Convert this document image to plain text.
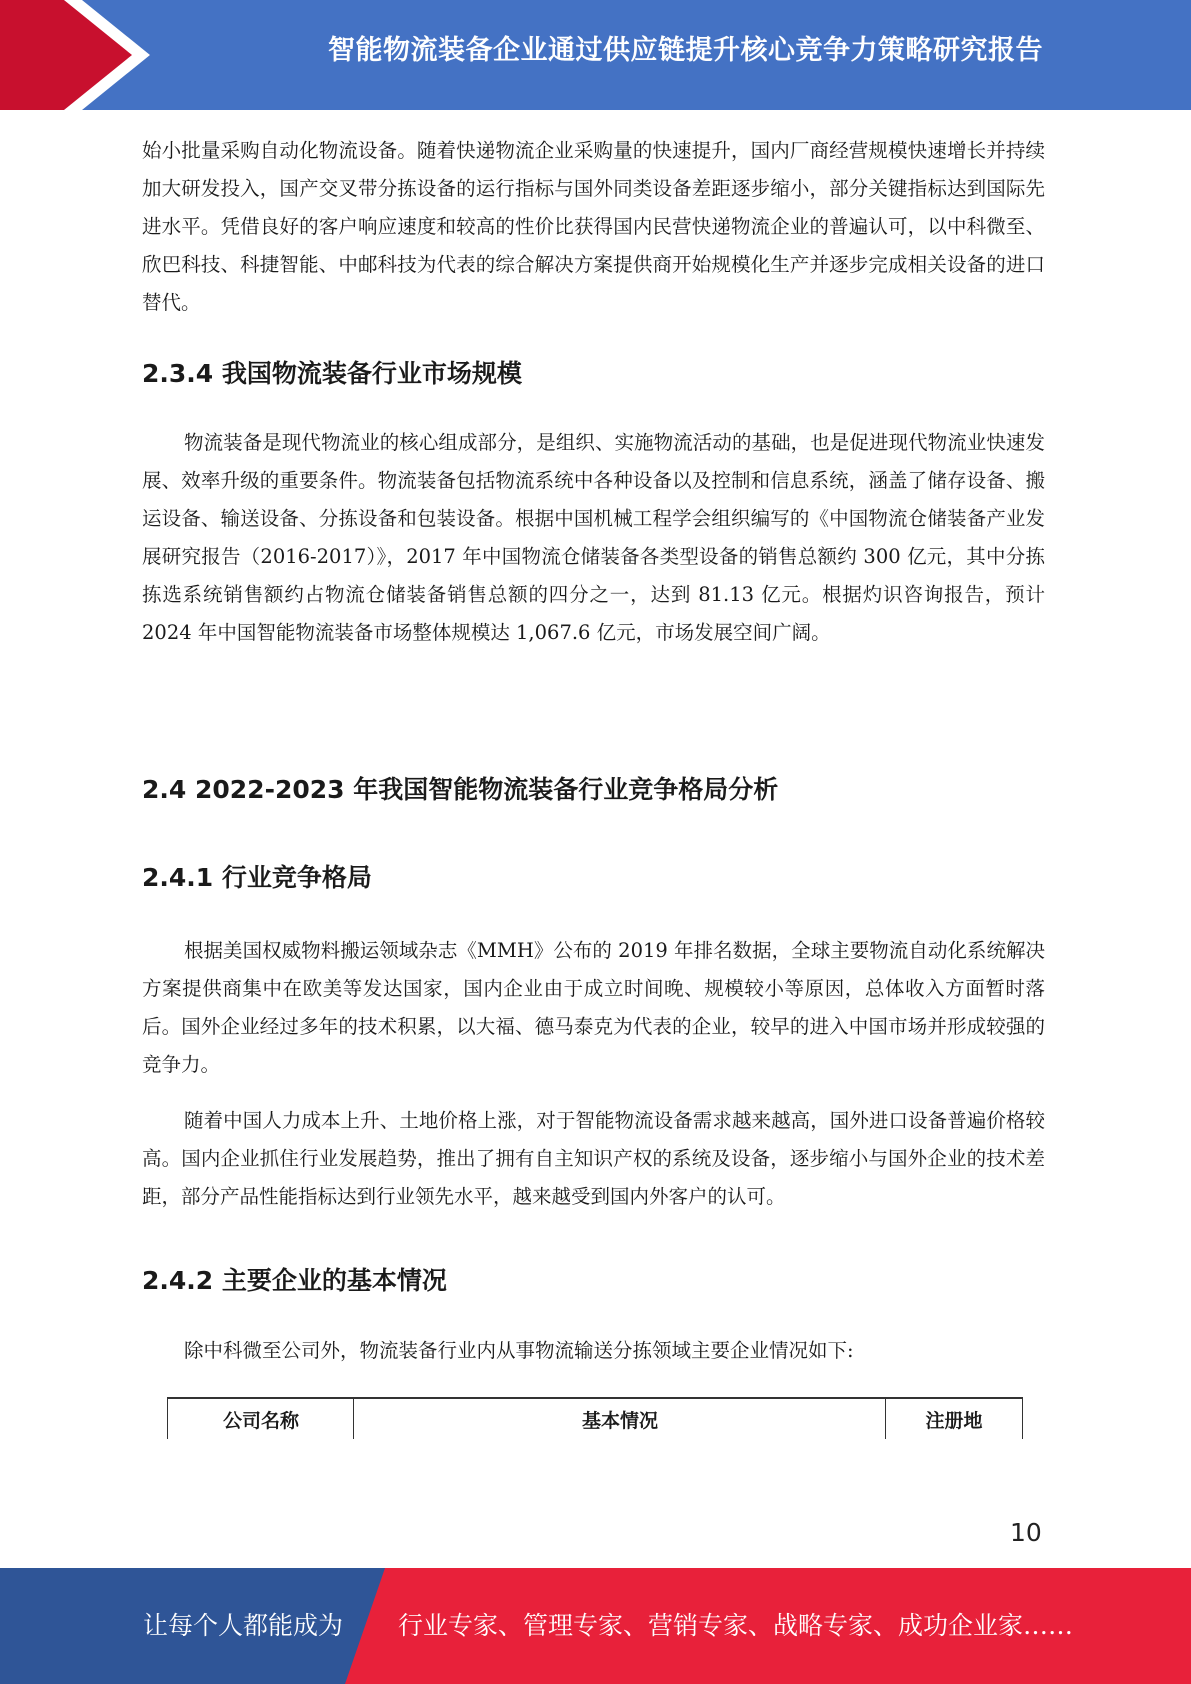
智能物流装备企业通过供应链提升核心竞争力策略研究报告

始小批量采购自动化物流设备。随着快递物流企业采购量的快速提升，国内厂商经营规模快速增长并持续加大研发投入，国产交叉带分拣设备的运行指标与国外同类设备差距逐步缩小，部分关键指标达到国际先进水平。凭借良好的客户响应速度和较高的性价比获得国内民营快递物流企业的普遍认可，以中科微至、欣巴科技、科捷智能、中邮科技为代表的综合解决方案提供商开始规模化生产并逐步完成相关设备的进口替代。

2.3.4 我国物流装备行业市场规模

物流装备是现代物流业的核心组成部分，是组织、实施物流活动的基础，也是促进现代物流业快速发展、效率升级的重要条件。物流装备包括物流系统中各种设备以及控制和信息系统，涵盖了储存设备、搬运设备、输送设备、分拣设备和包装设备。根据中国机械工程学会组织编写的《中国物流仓储装备产业发展研究报告（2016-2017）》，2017 年中国物流仓储装备各类型设备的销售总额约 300 亿元，其中分拣拣选系统销售额约占物流仓储装备销售总额的四分之一，达到 81.13 亿元。根据灼识咨询报告，预计 2024 年中国智能物流装备市场整体规模达 1,067.6 亿元，市场发展空间广阔。

2.4 2022-2023 年我国智能物流装备行业竞争格局分析

2.4.1 行业竞争格局

根据美国权威物料搬运领域杂志《MMH》公布的 2019 年排名数据，全球主要物流自动化系统解决方案提供商集中在欧美等发达国家，国内企业由于成立时间晚、规模较小等原因，总体收入方面暂时落后。国外企业经过多年的技术积累，以大福、德马泰克为代表的企业，较早的进入中国市场并形成较强的竞争力。

随着中国人力成本上升、土地价格上涨，对于智能物流设备需求越来越高，国外进口设备普遍价格较高。国内企业抓住行业发展趋势，推出了拥有自主知识产权的系统及设备，逐步缩小与国外企业的技术差距，部分产品性能指标达到行业领先水平，越来越受到国内外客户的认可。

2.4.2 主要企业的基本情况

除中科微至公司外，物流装备行业内从事物流输送分拣领域主要企业情况如下:

公司名称	基本情况	注册地
10
让每个人都能成为 行业专家、管理专家、营销专家、战略专家、成功企业家……
